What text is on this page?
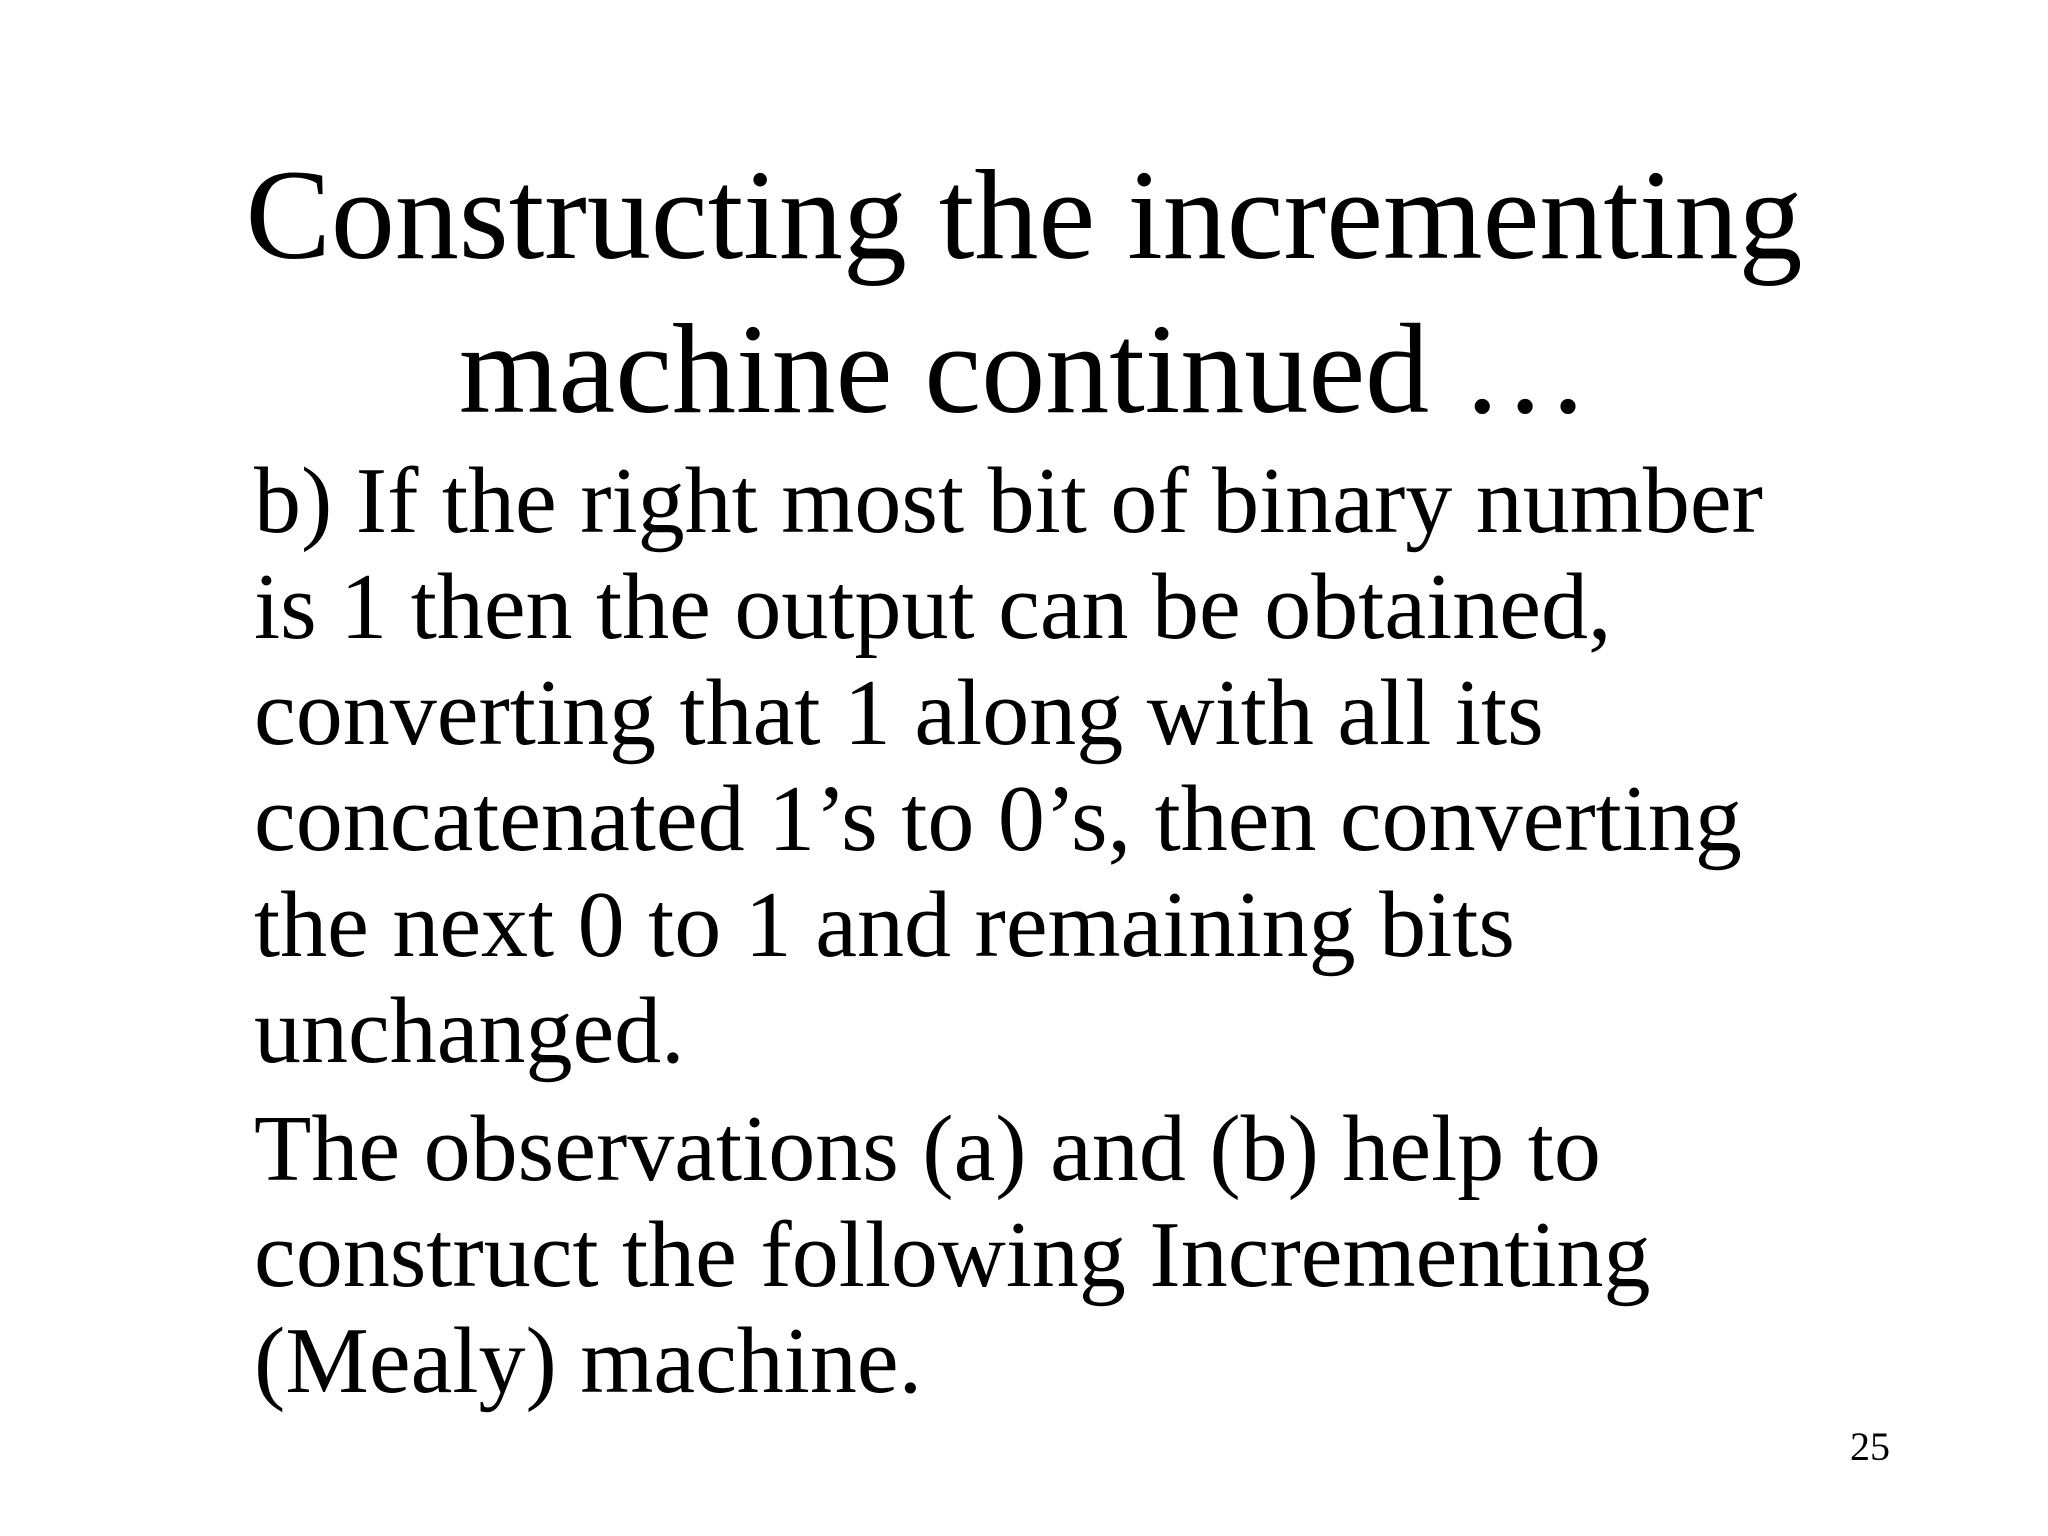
Constructing the incrementing
machine continued …

b) If the right most bit of binary number
is 1 then the output can be obtained,
converting that 1 along with all its
concatenated 1’s to 0’s, then converting
the next 0 to 1 and remaining bits
unchanged.

The observations (a) and (b) help to
construct the following Incrementing
(Mealy) machine.

25
